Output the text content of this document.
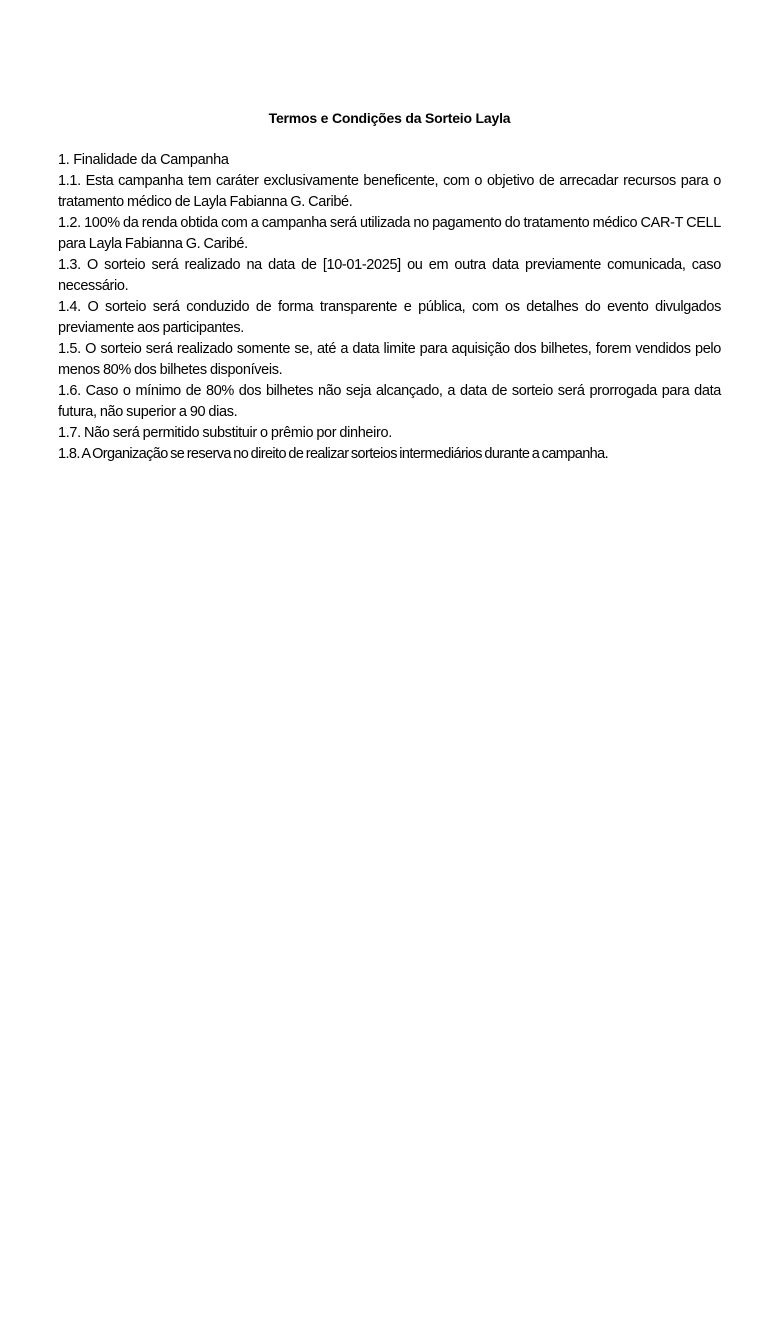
Termos e Condições da Sorteio Layla

1. Finalidade da Campanha

1.1. Esta campanha tem caráter exclusivamente beneficente, com o objetivo de arrecadar recursos para o tratamento médico de Layla Fabianna G. Caribé.

1.2. 100% da renda obtida com a campanha será utilizada no pagamento do tratamento médico CAR-T CELL para Layla Fabianna G. Caribé.

1.3. O sorteio será realizado na data de [10-01-2025] ou em outra data previamente comunicada, caso necessário.

1.4. O sorteio será conduzido de forma transparente e pública, com os detalhes do evento divulgados previamente aos participantes.

1.5. O sorteio será realizado somente se, até a data limite para aquisição dos bilhetes, forem vendidos pelo menos 80% dos bilhetes disponíveis.

1.6. Caso o mínimo de 80% dos bilhetes não seja alcançado, a data de sorteio será prorrogada para data futura, não superior a 90 dias.

1.7. Não será permitido substituir o prêmio por dinheiro.

1.8. A Organização se reserva no direito de realizar sorteios intermediários durante a campanha.
